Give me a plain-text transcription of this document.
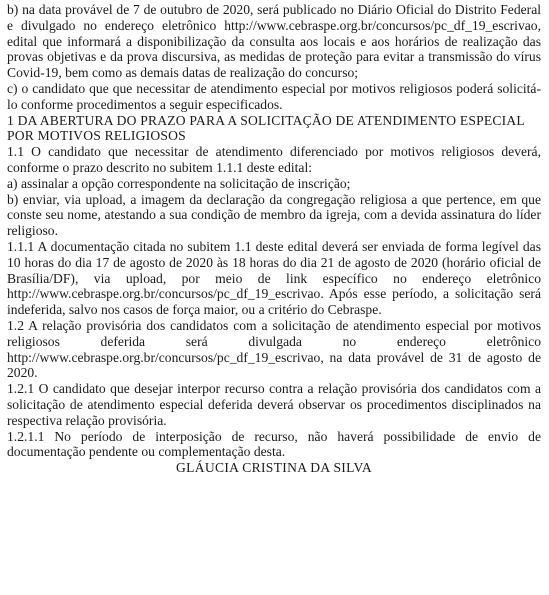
b) na data provável de 7 de outubro de 2020, será publicado no Diário Oficial do Distrito Federal e divulgado no endereço eletrônico http://www.cebraspe.org.br/concursos/pc_df_19_escrivao, edital que informará a disponibilização da consulta aos locais e aos horários de realização das provas objetivas e da prova discursiva, as medidas de proteção para evitar a transmissão do vírus Covid-19, bem como as demais datas de realização do concurso;

c) o candidato que que necessitar de atendimento especial por motivos religiosos poderá solicitá-lo conforme procedimentos a seguir especificados.

1 DA ABERTURA DO PRAZO PARA A SOLICITAÇÃO DE ATENDIMENTO ESPECIAL POR MOTIVOS RELIGIOSOS

1.1 O candidato que necessitar de atendimento diferenciado por motivos religiosos deverá, conforme o prazo descrito no subitem 1.1.1 deste edital:

a) assinalar a opção correspondente na solicitação de inscrição;

b) enviar, via upload, a imagem da declaração da congregação religiosa a que pertence, em que conste seu nome, atestando a sua condição de membro da igreja, com a devida assinatura do líder religioso.

1.1.1 A documentação citada no subitem 1.1 deste edital deverá ser enviada de forma legível das 10 horas do dia 17 de agosto de 2020 às 18 horas do dia 21 de agosto de 2020 (horário oficial de Brasília/DF), via upload, por meio de link específico no endereço eletrônico http://www.cebraspe.org.br/concursos/pc_df_19_escrivao. Após esse período, a solicitação será indeferida, salvo nos casos de força maior, ou a critério do Cebraspe.

1.2 A relação provisória dos candidatos com a solicitação de atendimento especial por motivos religiosos deferida será divulgada no endereço eletrônico http://www.cebraspe.org.br/concursos/pc_df_19_escrivao, na data provável de 31 de agosto de 2020.

1.2.1 O candidato que desejar interpor recurso contra a relação provisória dos candidatos com a solicitação de atendimento especial deferida deverá observar os procedimentos disciplinados na respectiva relação provisória.

1.2.1.1 No período de interposição de recurso, não haverá possibilidade de envio de documentação pendente ou complementação desta.

GLÁUCIA CRISTINA DA SILVA
